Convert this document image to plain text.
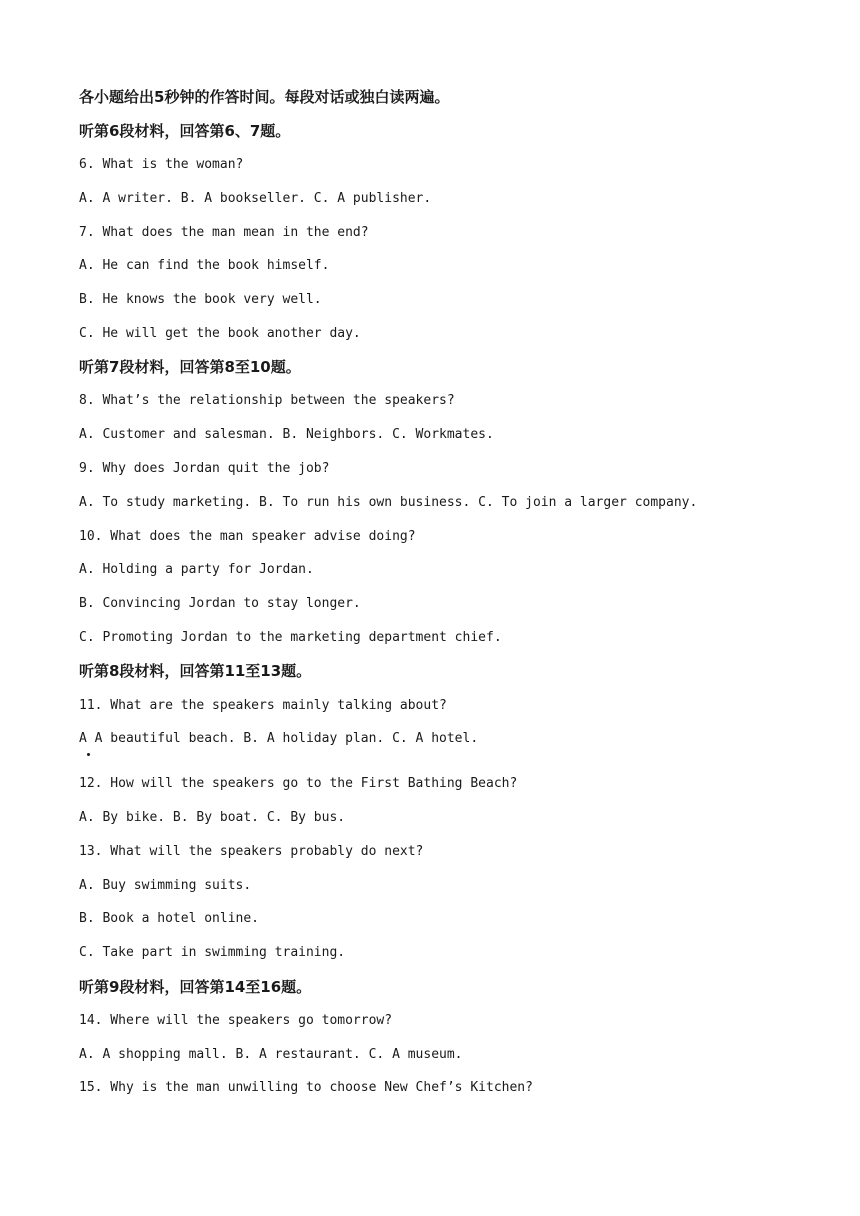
各小题给出5秒钟的作答时间。每段对话或独白读两遍。
听第6段材料，回答第6、7题。
6. What is the woman?
A. A writer. B. A bookseller. C. A publisher.
7. What does the man mean in the end?
A. He can find the book himself.
B. He knows the book very well.
C. He will get the book another day.
听第7段材料，回答第8至10题。
8. What’s the relationship between the speakers?
A. Customer and salesman. B. Neighbors. C. Workmates.
9. Why does Jordan quit the job?
A. To study marketing. B. To run his own business. C. To join a larger company.
10. What does the man speaker advise doing?
A. Holding a party for Jordan.
B. Convincing Jordan to stay longer.
C. Promoting Jordan to the marketing department chief.
听第8段材料，回答第11至13题。
11. What are the speakers mainly talking about?
A A beautiful beach. B. A holiday plan. C. A hotel.
12. How will the speakers go to the First Bathing Beach?
A. By bike. B. By boat. C. By bus.
13. What will the speakers probably do next?
A. Buy swimming suits.
B. Book a hotel online.
C. Take part in swimming training.
听第9段材料，回答第14至16题。
14. Where will the speakers go tomorrow?
A. A shopping mall. B. A restaurant. C. A museum.
15. Why is the man unwilling to choose New Chef’s Kitchen?
